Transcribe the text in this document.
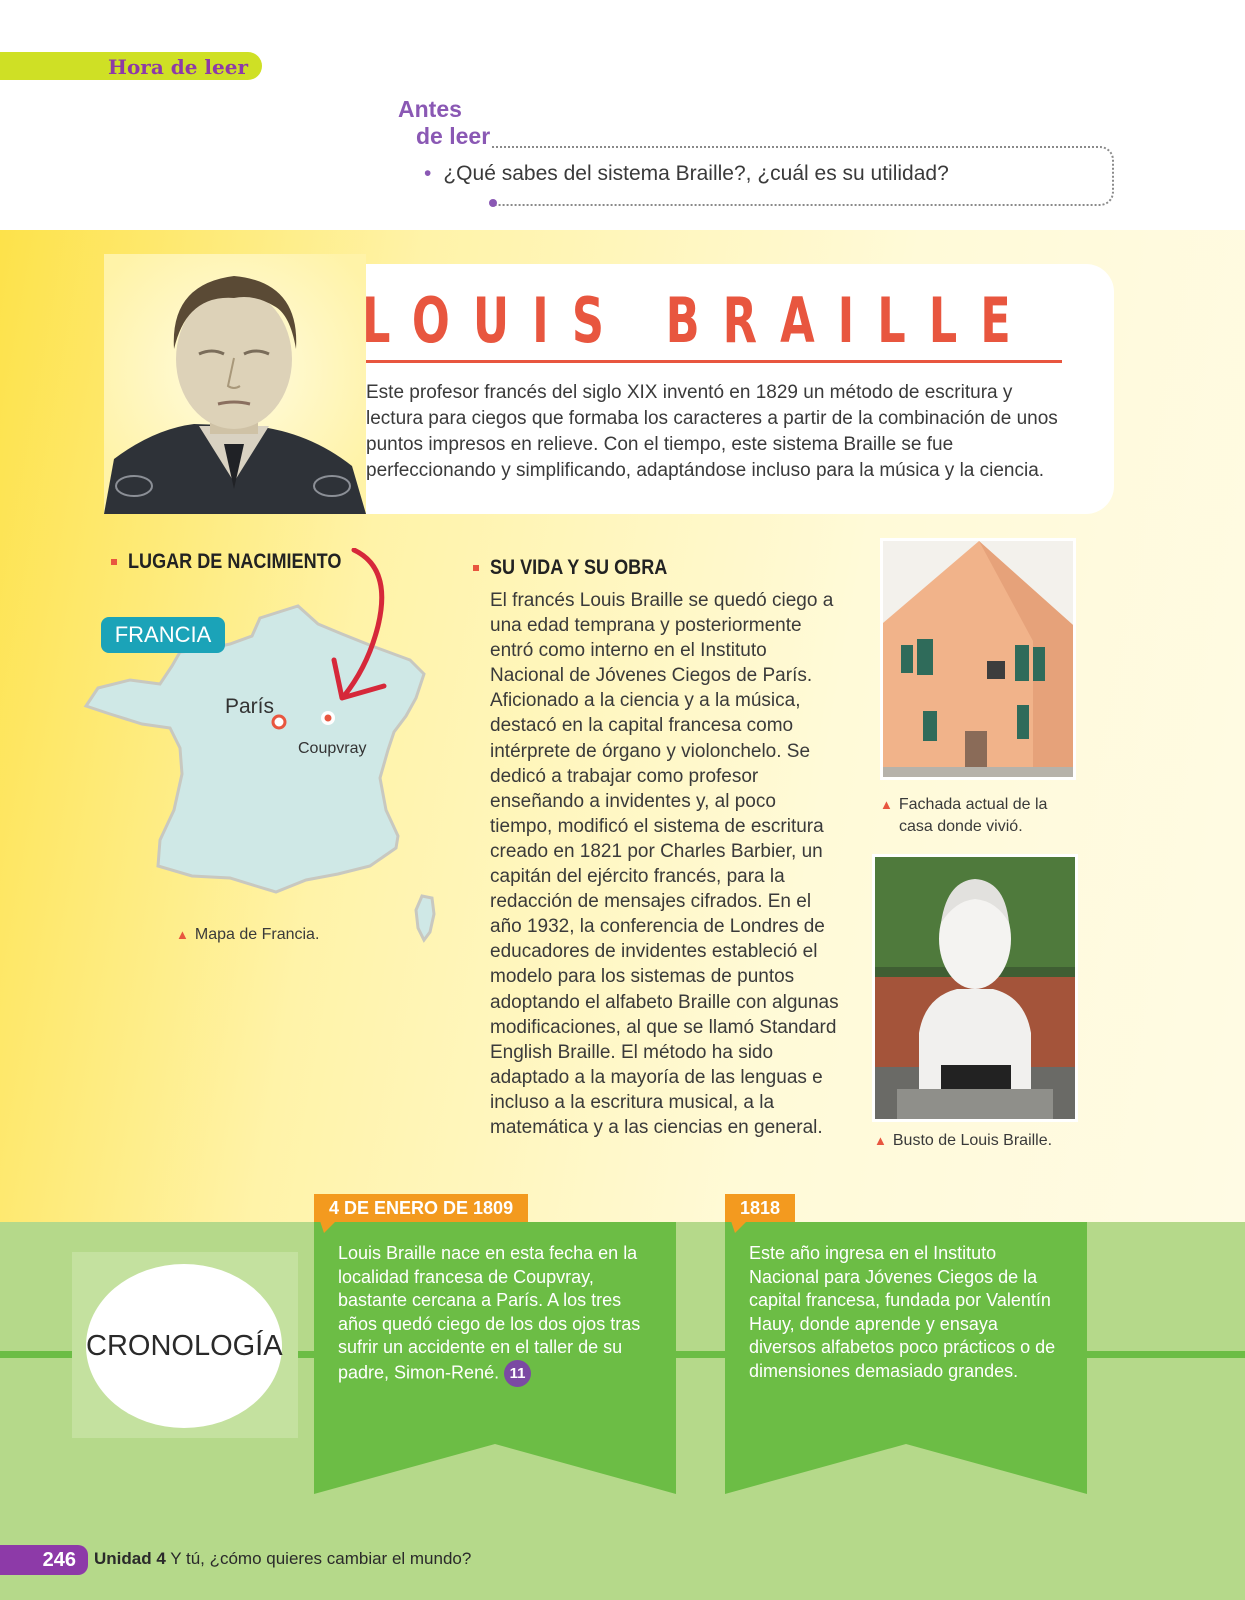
Hora de leer
Antes
de leer
• ¿Qué sabes del sistema Braille?, ¿cuál es su utilidad?
LOUIS BRAILLE

Este profesor francés del siglo XIX inventó en 1829 un método de escritura y lectura para ciegos que formaba los caracteres a partir de la combinación de unos puntos impresos en relieve. Con el tiempo, este sistema Braille se fue perfeccionando y simplificando, adaptándose incluso para la música y la ciencia.

LUGAR DE NACIMIENTO
FRANCIA
París
Coupvray
▲ Mapa de Francia.
SU VIDA Y SU OBRA

El francés Louis Braille se quedó ciego a una edad temprana y posteriormente entró como interno en el Instituto Nacional de Jóvenes Ciegos de París. Aficionado a la ciencia y a la música, destacó en la capital francesa como intérprete de órgano y violonchelo. Se dedicó a trabajar como profesor enseñando a invidentes y, al poco tiempo, modificó el sistema de escritura creado en 1821 por Charles Barbier, un capitán del ejército francés, para la redacción de mensajes cifrados. En el año 1932, la conferencia de Londres de educadores de invidentes estableció el modelo para los sistemas de puntos adoptando el alfabeto Braille con algunas modificaciones, al que se llamó Standard English Braille. El método ha sido adaptado a la mayoría de las lenguas e incluso a la escritura musical, a la matemática y a las ciencias en general.

▲ Fachada actual de la
casa donde vivió.
▲ Busto de Louis Braille.
CRONOLOGÍA
4 DE ENERO DE 1809
Louis Braille nace en esta fecha en la localidad francesa de Coupvray, bastante cercana a París. A los tres años quedó ciego de los dos ojos tras sufrir un accidente en el taller de su padre, Simon-René. 11
1818
Este año ingresa en el Instituto Nacional para Jóvenes Ciegos de la capital francesa, fundada por Valentín Hauy, donde aprende y ensaya diversos alfabetos poco prácticos o de dimensiones demasiado grandes.
246	Unidad 4 Y tú, ¿cómo quieres cambiar el mundo?
